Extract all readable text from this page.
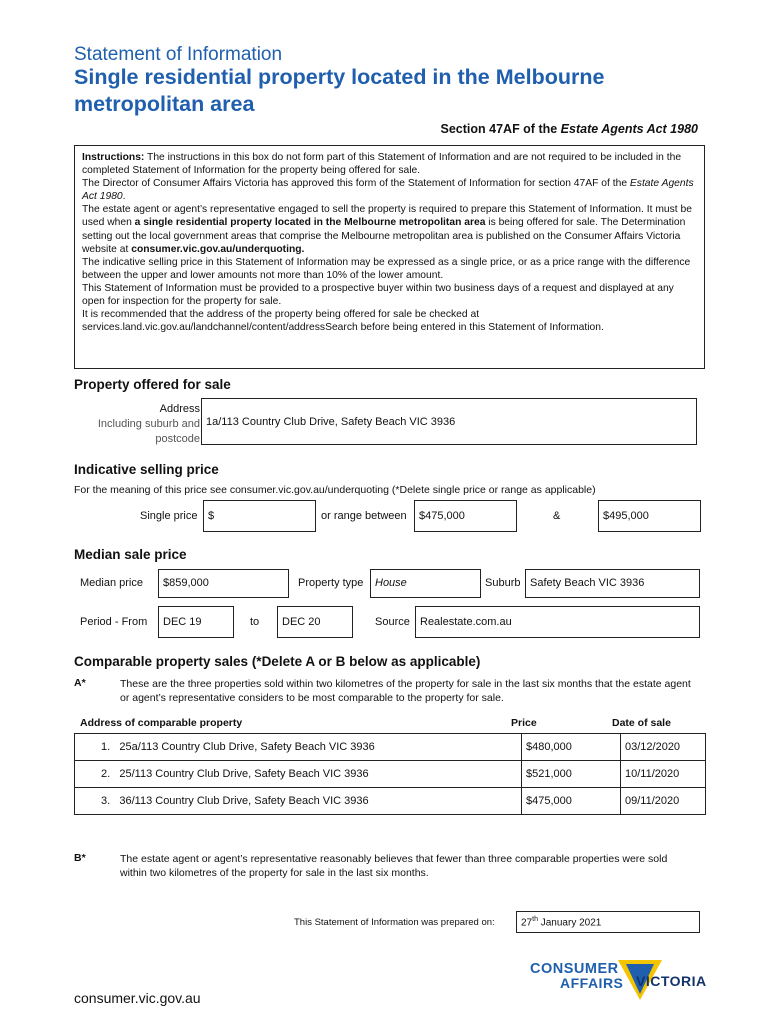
Statement of Information
Single residential property located in the Melbourne metropolitan area
Section 47AF of the Estate Agents Act 1980

Instructions: The instructions in this box do not form part of this Statement of Information and are not required to be included in the completed Statement of Information for the property being offered for sale.

The Director of Consumer Affairs Victoria has approved this form of the Statement of Information for section 47AF of the Estate Agents Act 1980.

The estate agent or agent’s representative engaged to sell the property is required to prepare this Statement of Information. It must be used when a single residential property located in the Melbourne metropolitan area is being offered for sale. The Determination setting out the local government areas that comprise the Melbourne metropolitan area is published on the Consumer Affairs Victoria website at consumer.vic.gov.au/underquoting.

The indicative selling price in this Statement of Information may be expressed as a single price, or as a price range with the difference between the upper and lower amounts not more than 10% of the lower amount.

This Statement of Information must be provided to a prospective buyer within two business days of a request and displayed at any open for inspection for the property for sale.

It is recommended that the address of the property being offered for sale be checked at services.land.vic.gov.au/landchannel/content/addressSearch before being entered in this Statement of Information.

Property offered for sale
Address
Including suburb and
postcode
1a/113 Country Club Drive, Safety Beach VIC 3936
Indicative selling price
For the meaning of this price see consumer.vic.gov.au/underquoting (*Delete single price or range as applicable)
Single price $	or range between	$475,000	&	$495,000
Median sale price
Median price	$859,000	Property type	House	Suburb Safety Beach VIC 3936
Period - From	DEC 19	to	DEC 20	Source Realestate.com.au
Comparable property sales (*Delete A or B below as applicable)
A*	These are the three properties sold within two kilometres of the property for sale in the last six months that the estate agent or agent’s representative considers to be most comparable to the property for sale.
Address of comparable property	Price	Date of sale
1. 25a/113 Country Club Drive, Safety Beach VIC 3936	$480,000	03/12/2020
2. 25/113 Country Club Drive, Safety Beach VIC 3936	$521,000	10/11/2020
3. 36/113 Country Club Drive, Safety Beach VIC 3936	$475,000	09/11/2020
B*	The estate agent or agent’s representative reasonably believes that fewer than three comparable properties were sold within two kilometres of the property for sale in the last six months.
This Statement of Information was prepared on:	27th January 2021
CONSUMER
AFFAIRS VICTORIA
consumer.vic.gov.au
